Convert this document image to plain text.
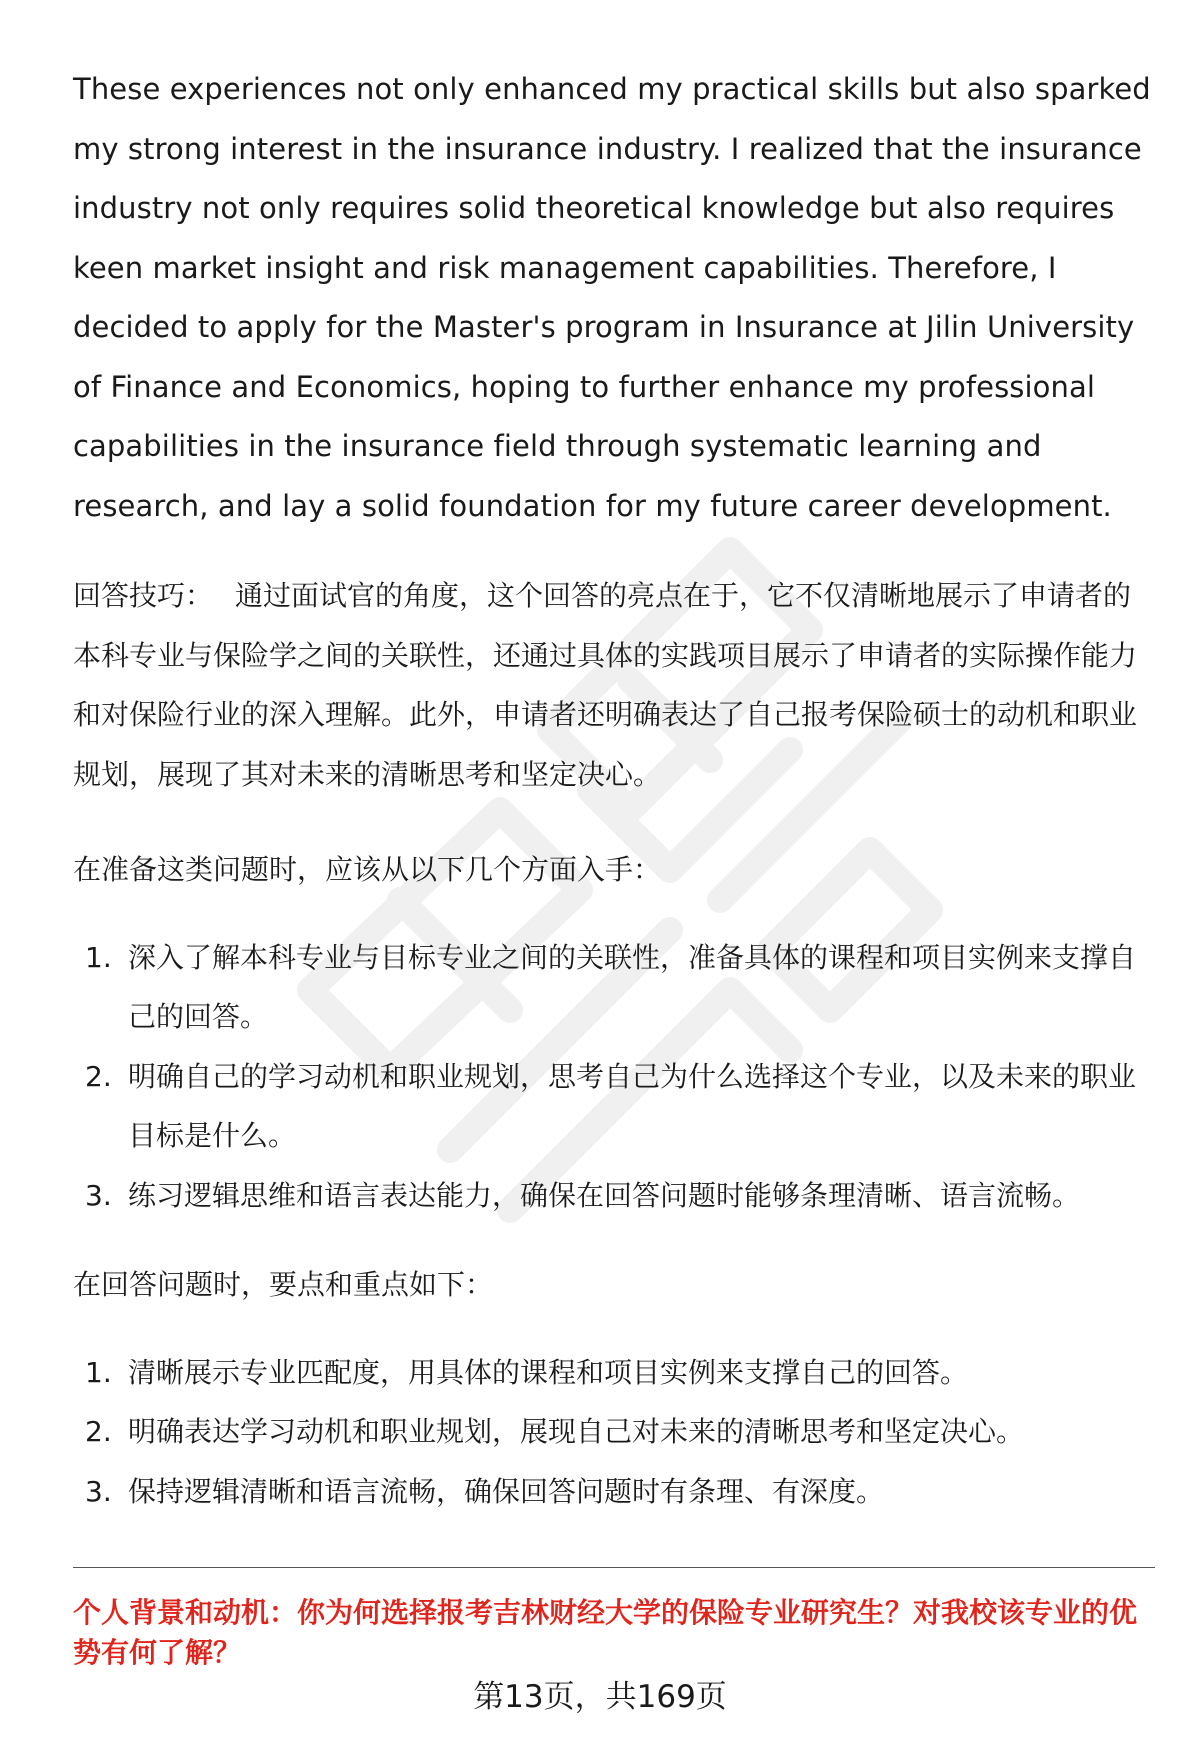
These experiences not only enhanced my practical skills but also sparked my strong interest in the insurance industry. I realized that the insurance industry not only requires solid theoretical knowledge but also requires keen market insight and risk management capabilities. Therefore, I decided to apply for the Master's program in Insurance at Jilin University of Finance and Economics, hoping to further enhance my professional capabilities in the insurance field through systematic learning and research, and lay a solid foundation for my future career development.

回答技巧： 通过面试官的角度，这个回答的亮点在于，它不仅清晰地展示了申请者的本科专业与保险学之间的关联性，还通过具体的实践项目展示了申请者的实际操作能力和对保险行业的深入理解。此外，申请者还明确表达了自己报考保险硕士的动机和职业规划，展现了其对未来的清晰思考和坚定决心。

在准备这类问题时，应该从以下几个方面入手：

1. 深入了解本科专业与目标专业之间的关联性，准备具体的课程和项目实例来支撑自己的回答。
2. 明确自己的学习动机和职业规划，思考自己为什么选择这个专业，以及未来的职业目标是什么。
3. 练习逻辑思维和语言表达能力，确保在回答问题时能够条理清晰、语言流畅。

在回答问题时，要点和重点如下：

1. 清晰展示专业匹配度，用具体的课程和项目实例来支撑自己的回答。
2. 明确表达学习动机和职业规划，展现自己对未来的清晰思考和坚定决心。
3. 保持逻辑清晰和语言流畅，确保回答问题时有条理、有深度。

个人背景和动机：你为何选择报考吉林财经大学的保险专业研究生？对我校该专业的优势有何了解？

第13页，共169页
